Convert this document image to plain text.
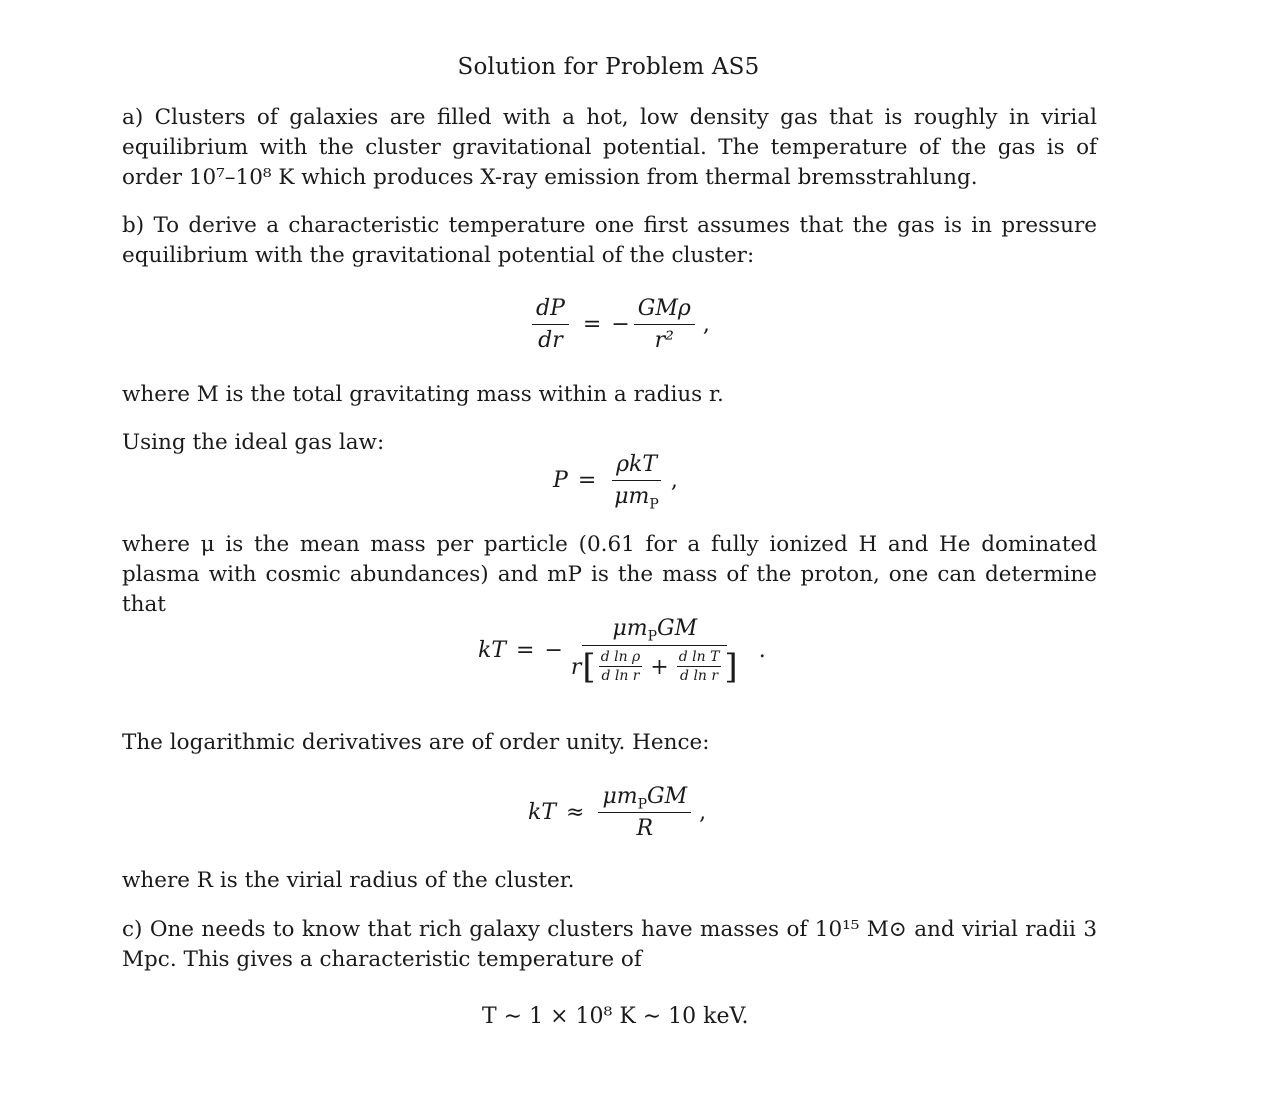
Solution for Problem AS5
a) Clusters of galaxies are filled with a hot, low density gas that is roughly in virial equilibrium with the cluster gravitational potential. The temperature of the gas is of order 10⁷–10⁸ K which produces X-ray emission from thermal bremsstrahlung.
b) To derive a characteristic temperature one first assumes that the gas is in pressure equilibrium with the gravitational potential of the cluster:
$\frac{dP}{dr}$ = − $\frac{\text{GMρ}}{\text{r²}}$ ,
where M is the total gravitating mass within a radius r.
Using the ideal gas law:
$P = \frac{\text{ρkT}}{\mu m_P}$ ,
where μ is the mean mass per particle (0.61 for a fully ionized H and He dominated plasma with cosmic abundances) and mP is the mass of the proton, one can determine that
kT = −
$\mu m_PGM$
r [ $\frac{\text{d ln ρ}}{\text{d ln r}} + \frac{\text{d ln T}}{\text{d ln r}}$ ] .
The logarithmic derivatives are of order unity. Hence:
kT ≈ $\frac{\mu m_PGM}{R}$ ,
where R is the virial radius of the cluster.
c) One needs to know that rich galaxy clusters have masses of 10¹⁵ M⊙ and virial radii 3 Mpc. This gives a characteristic temperature of
T ∼ 1 × 10⁸ K ∼ 10 keV.
